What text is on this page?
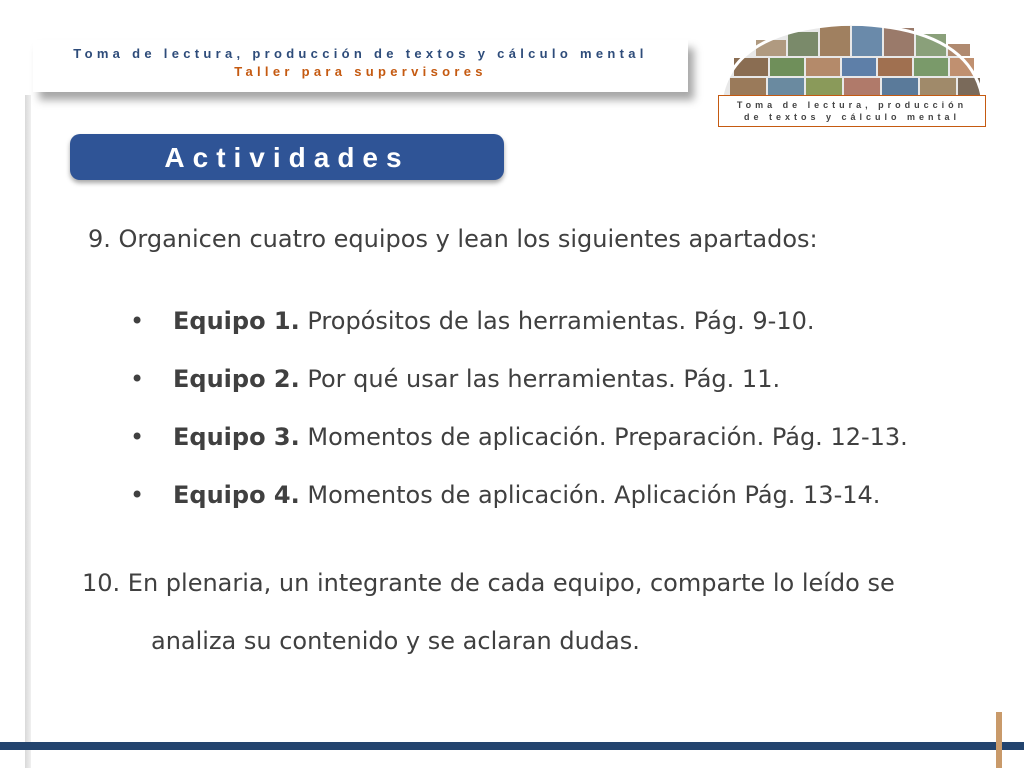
Toma de lectura, producción de textos y cálculo mental
Taller para supervisores
Toma de lectura, producción
de textos y cálculo mental
Actividades
9. Organicen cuatro equipos y lean los siguientes apartados:
• Equipo 1. Propósitos de las herramientas. Pág. 9-10.
• Equipo 2. Por qué usar las herramientas. Pág. 11.
• Equipo 3. Momentos de aplicación. Preparación. Pág. 12-13.
• Equipo 4. Momentos de aplicación. Aplicación Pág. 13-14.
10. En plenaria, un integrante de cada equipo, comparte lo leído se
analiza su contenido y se aclaran dudas.
